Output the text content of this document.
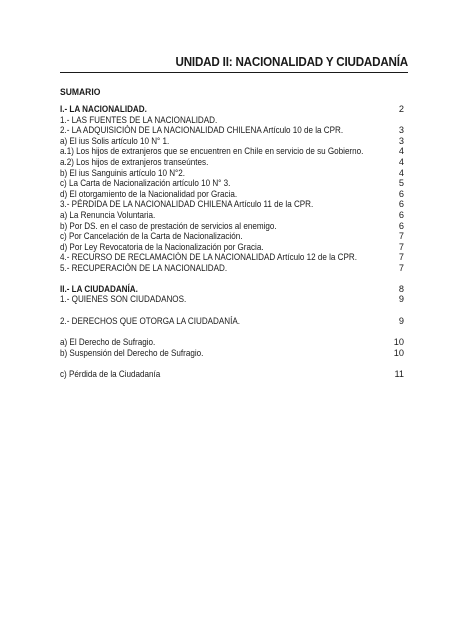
UNIDAD II: NACIONALIDAD Y CIUDADANÍA
SUMARIO
I.- LA NACIONALIDAD.	2
1.- LAS FUENTES DE LA NACIONALIDAD.
2.- LA ADQUISICIÓN DE LA NACIONALIDAD CHILENA Artículo 10 de la CPR.	3
a) El ius Solis artículo 10 N° 1.	3
a.1) Los hijos de extranjeros que se encuentren en Chile en servicio de su Gobierno.	4
a.2) Los hijos de extranjeros transeúntes.	4
b) El ius Sanguinis artículo 10 N°2.	4
c) La Carta de Nacionalización artículo 10 N° 3.	5
d) El otorgamiento de la Nacionalidad por Gracia.	6
3.- PÉRDIDA DE LA NACIONALIDAD CHILENA Artículo 11 de la CPR.	6
a) La Renuncia Voluntaria.	6
b) Por DS. en el caso de prestación de servicios al enemigo.	6
c) Por Cancelación de la Carta de Nacionalización.	7
d) Por Ley Revocatoria de la Nacionalización por Gracia.	7
4.- RECURSO DE RECLAMACIÓN DE LA NACIONALIDAD Artículo 12 de la CPR.	7
5.- RECUPERACIÓN DE LA NACIONALIDAD.	7
II.- LA CIUDADANÍA.	8
1.- QUIENES SON CIUDADANOS.	9
2.- DERECHOS QUE OTORGA LA CIUDADANÍA.	9
a) El Derecho de Sufragio.	10
b) Suspensión del Derecho de Sufragio.	10
c) Pérdida de la Ciudadanía	11
